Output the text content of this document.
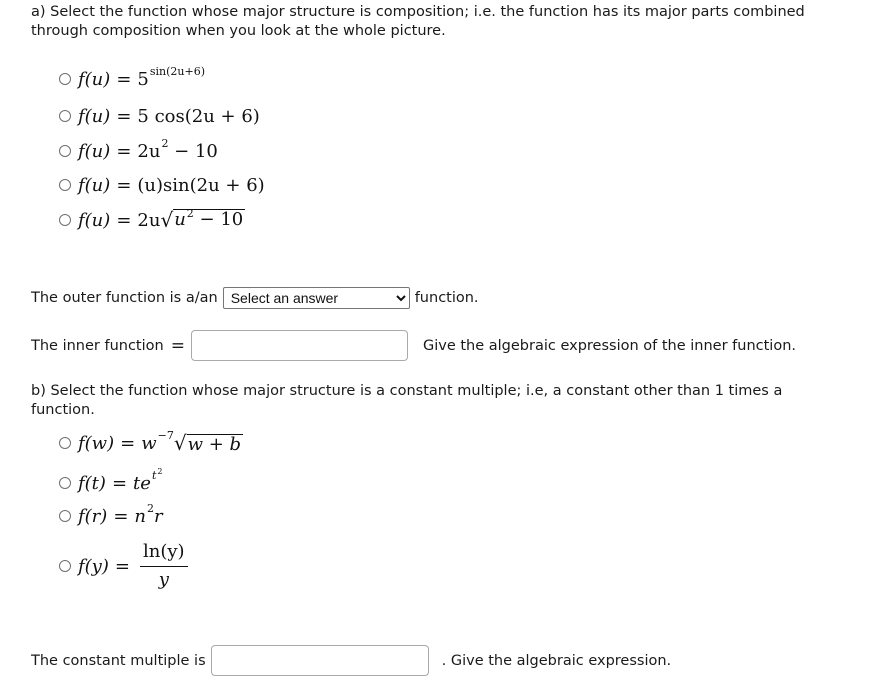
a) Select the function whose major structure is composition; i.e. the function has its major parts combined through composition when you look at the whole picture.
$f(u) = 5^{sin(2u+6)}$
f(u) = 5 cos(2u + 6)
$f(u) = 2u^2 - 10$
f(u) = (u)sin(2u + 6)
f(u) = 2u √ $u^2 - 10$
The outer function is a/an
Select an answer	function.
The inner function =	Give the algebraic expression of the inner function.
b) Select the function whose major structure is a constant multiple; i.e, a constant other than 1 times a function.
$f(w) = w^{-7}$ √ w + b
f(t) = te $^{t^2}$
$f(r) = n^2$ r
$f(y) = \frac{\ln(y)}{y}$
The constant multiple is	. Give the algebraic expression.
